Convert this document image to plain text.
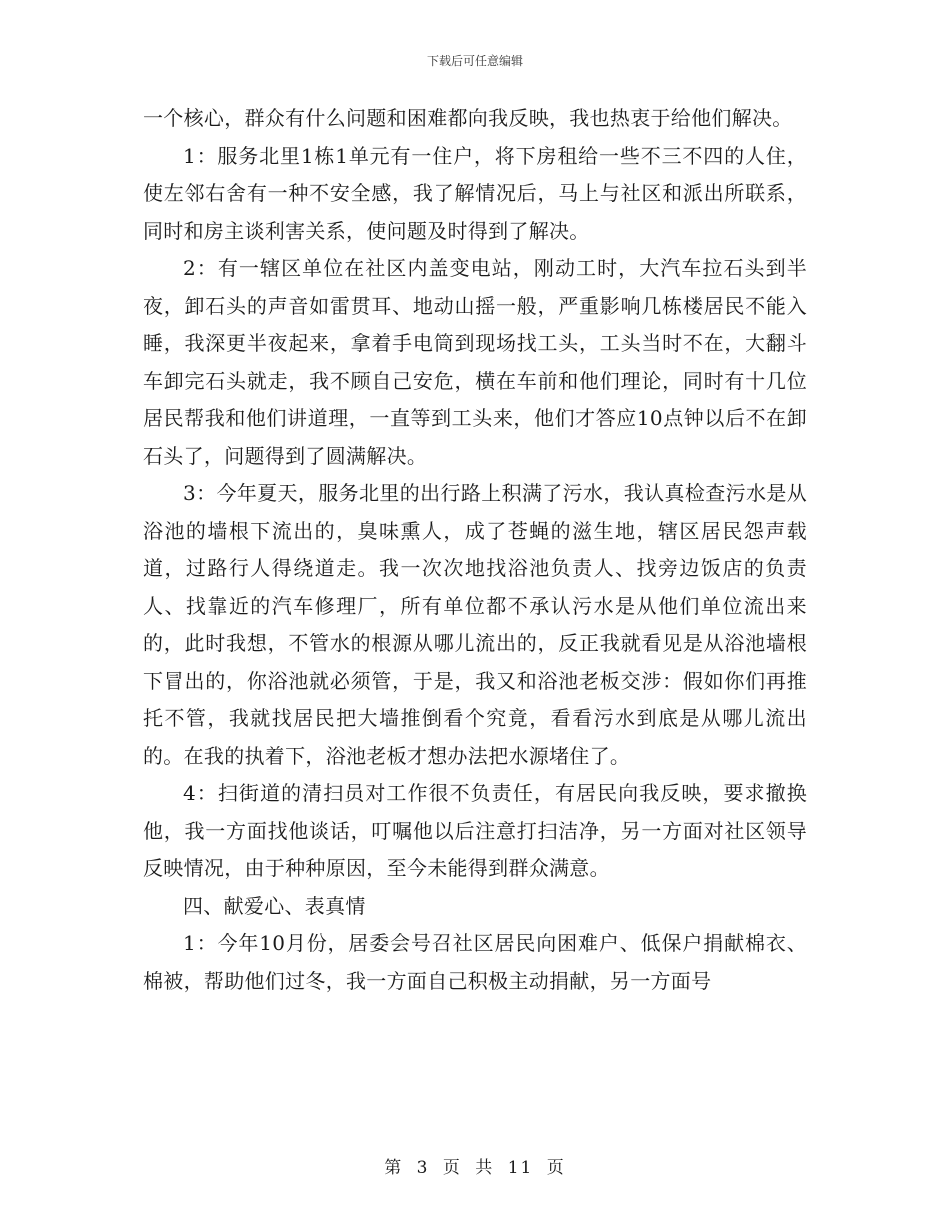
下载后可任意编辑

一个核心，群众有什么问题和困难都向我反映，我也热衷于给他们解决。

1：服务北里1栋1单元有一住户，将下房租给一些不三不四的人住，使左邻右舍有一种不安全感，我了解情况后，马上与社区和派出所联系，同时和房主谈利害关系，使问题及时得到了解决。

2：有一辖区单位在社区内盖变电站，刚动工时，大汽车拉石头到半夜，卸石头的声音如雷贯耳、地动山摇一般，严重影响几栋楼居民不能入睡，我深更半夜起来，拿着手电筒到现场找工头，工头当时不在，大翻斗车卸完石头就走，我不顾自己安危，横在车前和他们理论，同时有十几位居民帮我和他们讲道理，一直等到工头来，他们才答应10点钟以后不在卸石头了，问题得到了圆满解决。

3：今年夏天，服务北里的出行路上积满了污水，我认真检查污水是从浴池的墙根下流出的，臭味熏人，成了苍蝇的滋生地，辖区居民怨声载道，过路行人得绕道走。我一次次地找浴池负责人、找旁边饭店的负责人、找靠近的汽车修理厂，所有单位都不承认污水是从他们单位流出来的，此时我想，不管水的根源从哪儿流出的，反正我就看见是从浴池墙根下冒出的，你浴池就必须管，于是，我又和浴池老板交涉：假如你们再推托不管，我就找居民把大墙推倒看个究竟，看看污水到底是从哪儿流出的。在我的执着下，浴池老板才想办法把水源堵住了。

4：扫街道的清扫员对工作很不负责任，有居民向我反映，要求撤换他，我一方面找他谈话，叮嘱他以后注意打扫洁净，另一方面对社区领导反映情况，由于种种原因，至今未能得到群众满意。

四、献爱心、表真情

1：今年10月份，居委会号召社区居民向困难户、低保户捐献棉衣、棉被，帮助他们过冬，我一方面自己积极主动捐献，另一方面号

第 3 页 共 11 页
